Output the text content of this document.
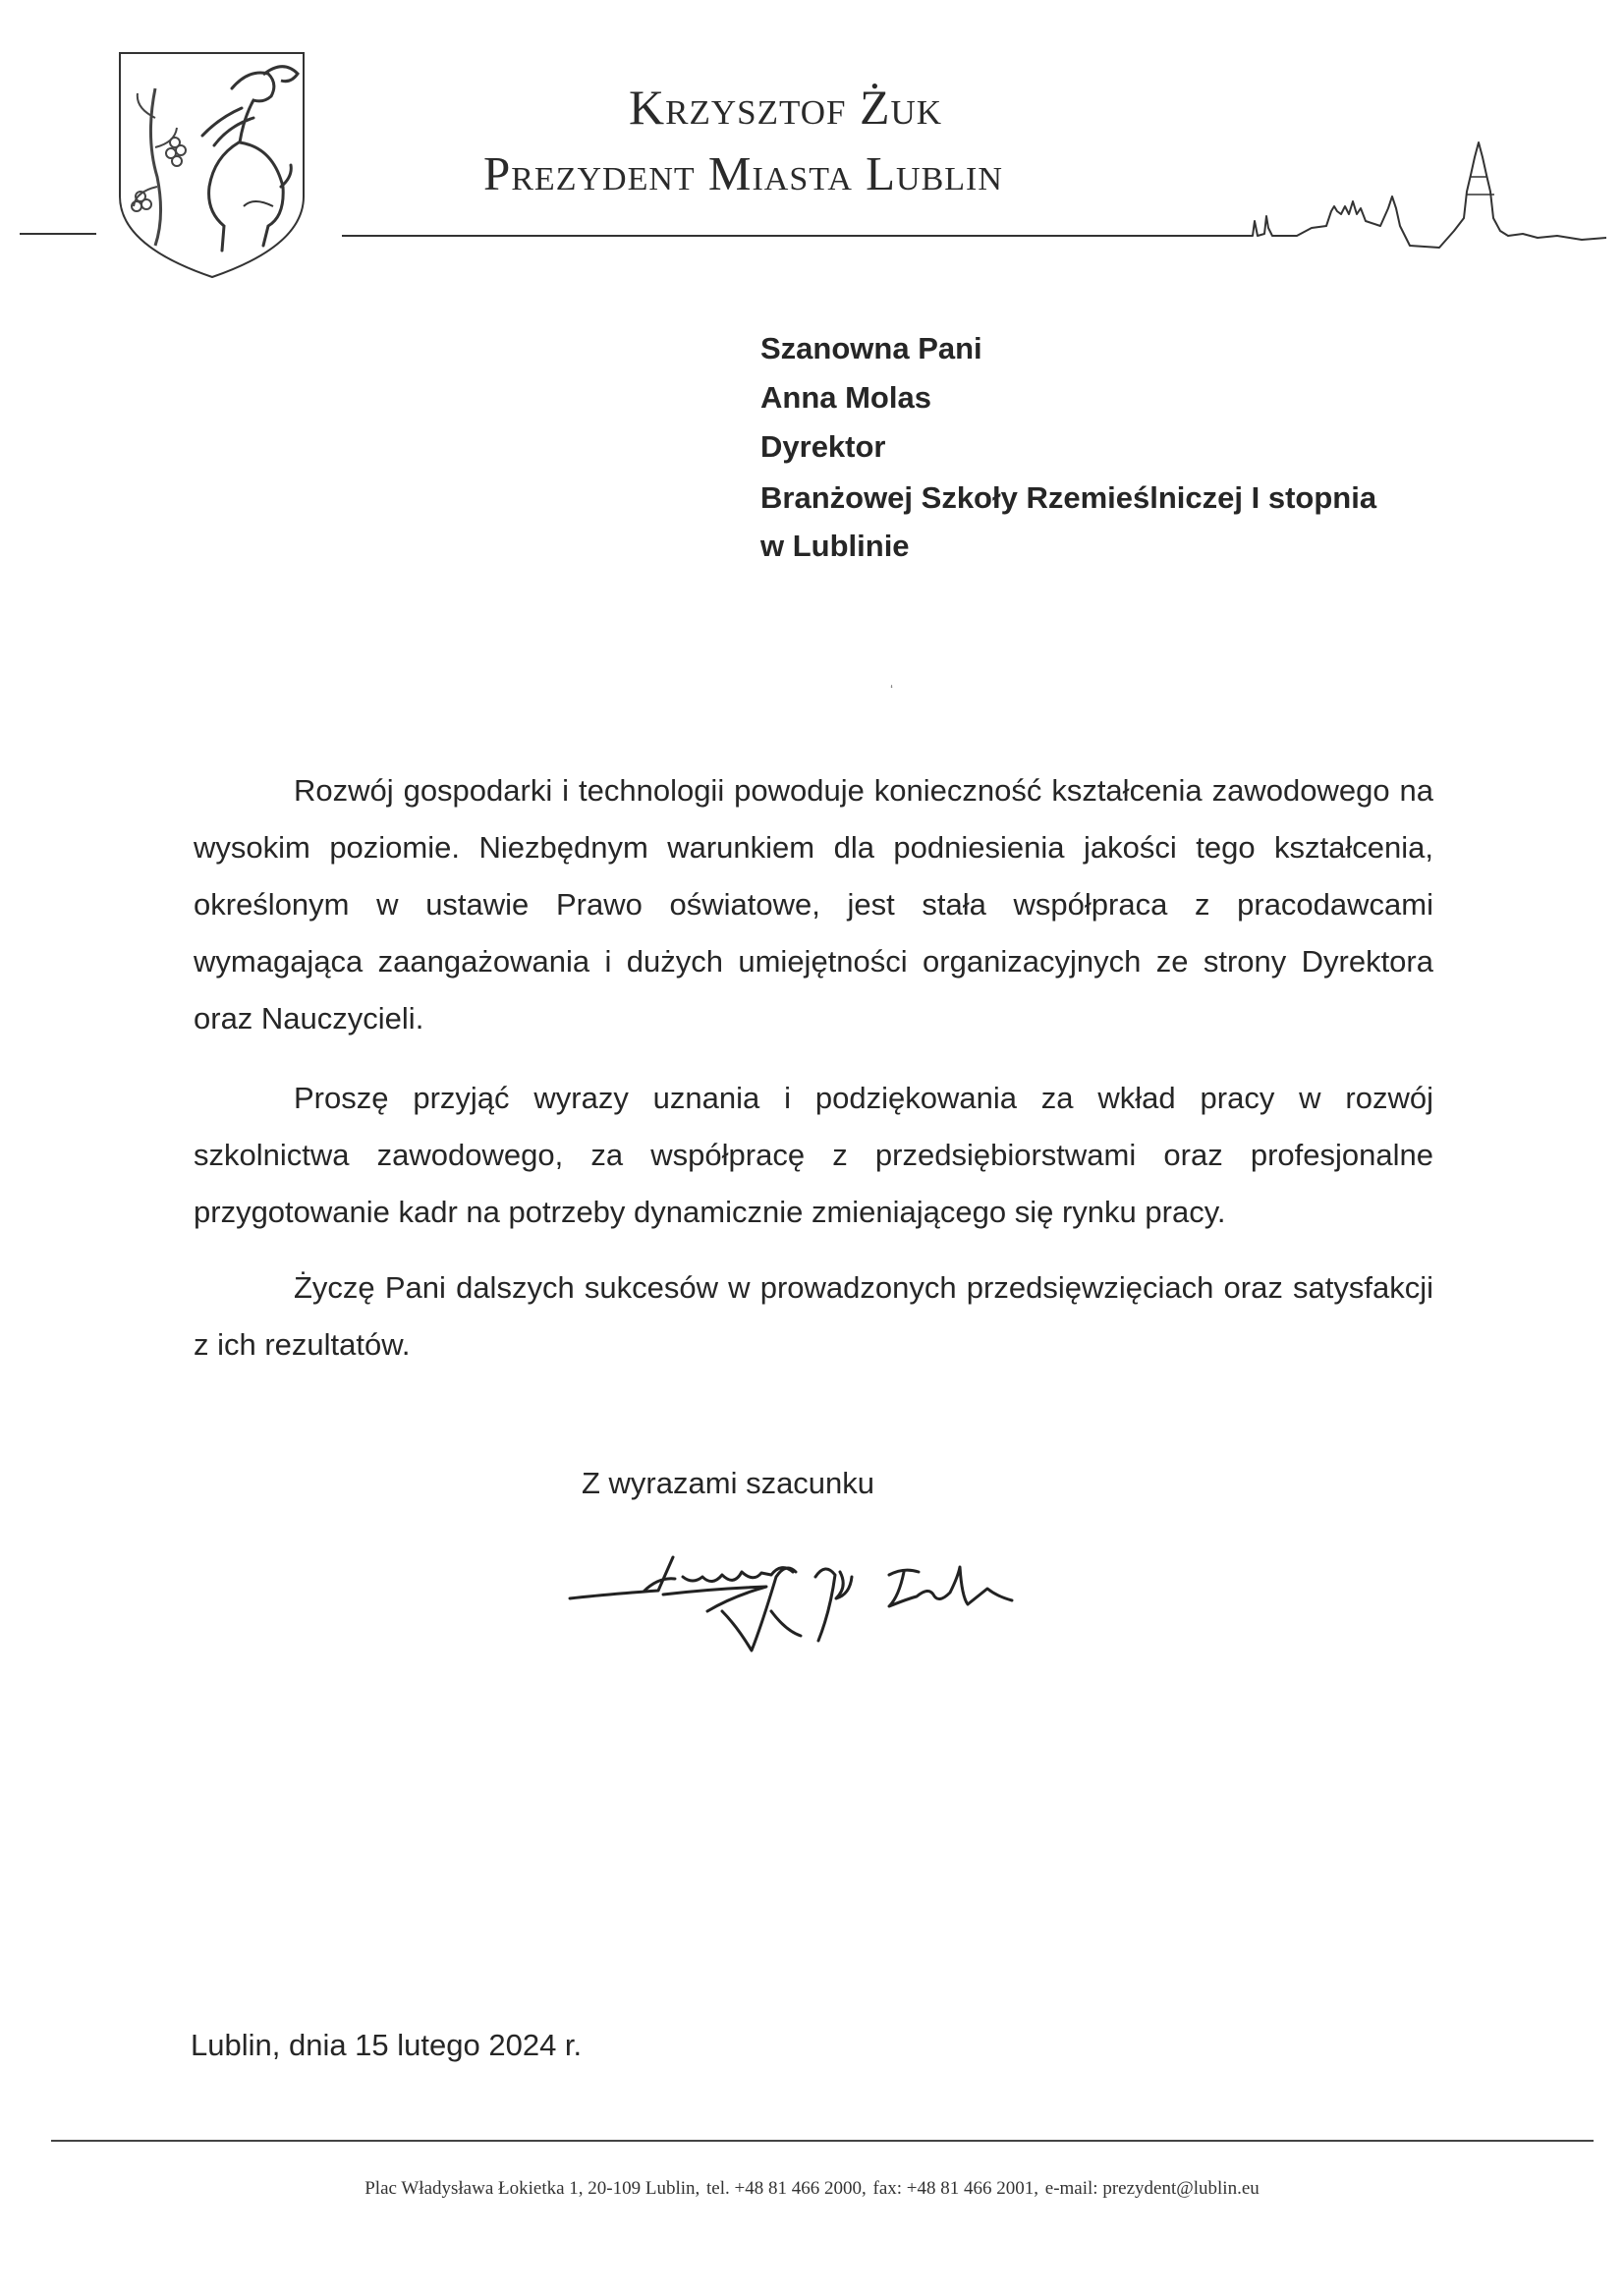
Krzysztof Żuk
Prezydent Miasta Lublin
Szanowna Pani
Anna Molas
Dyrektor
Branżowej Szkoły Rzemieślniczej I stopnia
w Lublinie
ʻ

Rozwój gospodarki i technologii powoduje konieczność kształcenia zawodowego na wysokim poziomie. Niezbędnym warunkiem dla podniesienia jakości tego kształcenia, określonym w ustawie Prawo oświatowe, jest stała współpraca z pracodawcami wymagająca zaangażowania i dużych umiejętności organizacyjnych ze strony Dyrektora oraz Nauczycieli.

Proszę przyjąć wyrazy uznania i podziękowania za wkład pracy w rozwój szkolnictwa zawodowego, za współpracę z przedsiębiorstwami oraz profesjonalne przygotowanie kadr na potrzeby dynamicznie zmieniającego się rynku pracy.

Życzę Pani dalszych sukcesów w prowadzonych przedsięwzięciach oraz satysfakcji z ich rezultatów.

Z wyrazami szacunku
Lublin, dnia 15 lutego 2024 r.
Plac Władysława Łokietka 1, 20-109 Lublin, tel. +48 81 466 2000, fax: +48 81 466 2001, e-mail: prezydent@lublin.eu
